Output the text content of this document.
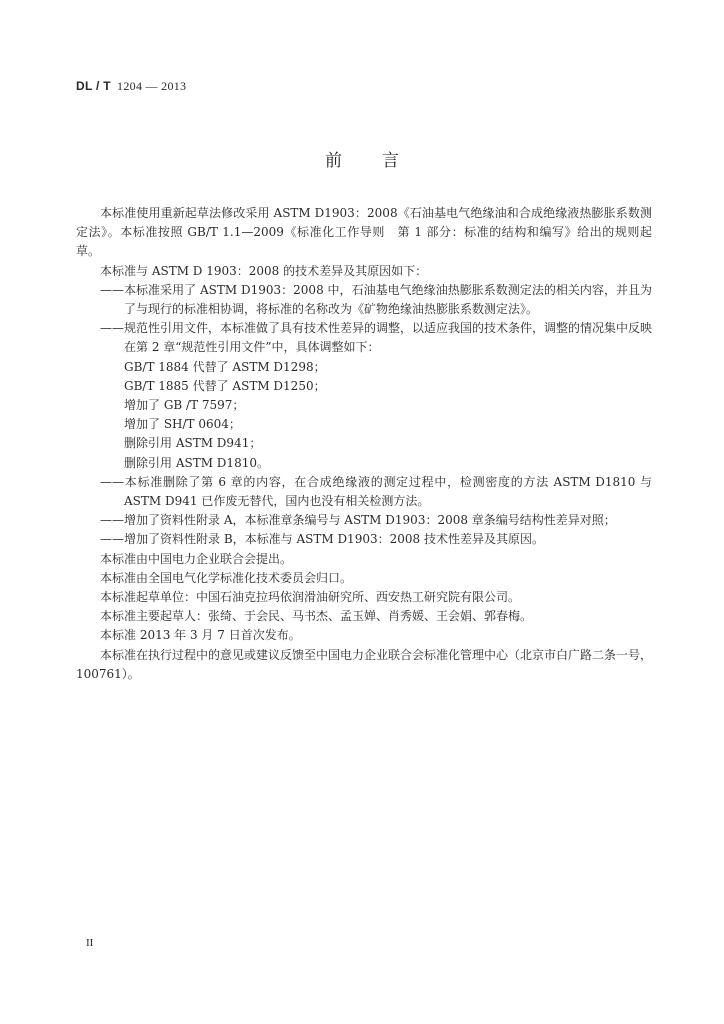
DL / T 1204 — 2013
前言

本标准使用重新起草法修改采用 ASTM D1903：2008《石油基电气绝缘油和合成绝缘液热膨胀系数测定法》。本标准按照 GB/T 1.1—2009《标准化工作导则　第 1 部分：标准的结构和编写》给出的规则起草。

本标准与 ASTM D 1903：2008 的技术差异及其原因如下：

——本标准采用了 ASTM D1903：2008 中，石油基电气绝缘油热膨胀系数测定法的相关内容，并且为了与现行的标准相协调，将标准的名称改为《矿物绝缘油热膨胀系数测定法》。

——规范性引用文件，本标准做了具有技术性差异的调整，以适应我国的技术条件，调整的情况集中反映在第 2 章“规范性引用文件”中，具体调整如下：

GB/T 1884 代替了 ASTM D1298；

GB/T 1885 代替了 ASTM D1250；

增加了 GB /T 7597；

增加了 SH/T 0604；

删除引用 ASTM D941；

删除引用 ASTM D1810。

——本标准删除了第 6 章的内容，在合成绝缘液的测定过程中，检测密度的方法 ASTM D1810 与 ASTM D941 已作废无替代，国内也没有相关检测方法。

——增加了资料性附录 A，本标准章条编号与 ASTM D1903：2008 章条编号结构性差异对照；

——增加了资料性附录 B，本标准与 ASTM D1903：2008 技术性差异及其原因。

本标准由中国电力企业联合会提出。

本标准由全国电气化学标准化技术委员会归口。

本标准起草单位：中国石油克拉玛依润滑油研究所、西安热工研究院有限公司。

本标准主要起草人：张绮、于会民、马书杰、孟玉婵、肖秀媛、王会娟、郭春梅。

本标准 2013 年 3 月 7 日首次发布。

本标准在执行过程中的意见或建议反馈至中国电力企业联合会标准化管理中心（北京市白广路二条一号，100761）。

II
